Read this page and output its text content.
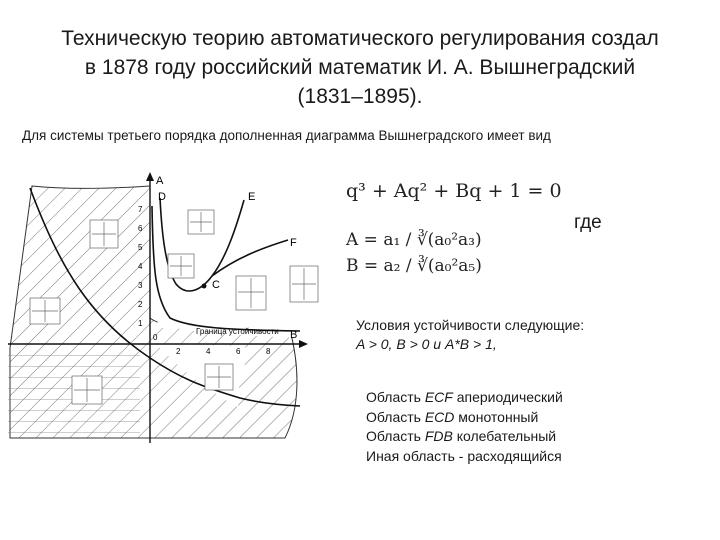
Техническую теорию автоматического регулирования создал
в 1878 году российский математик И. А. Вышнеградский
(1831–1895).
Для системы третьего порядка дополненная диаграмма Вышнеградского имеет вид
A
D	E
F
C
B
Граница устойчивости
0
1
2
3
4
5
6
7
2	4	6	8
q³ + Aq² + Bq + 1 = 0
A = a₁ / ∛(a₀²a₃)
B = a₂ / ∛(a₀²a₅)
где
Условия устойчивости следующие:
A > 0, B > 0 и A*B > 1,
Область ECF апериодический
Область ECD монотонный
Область FDB колебательный
Иная область - расходящийся
